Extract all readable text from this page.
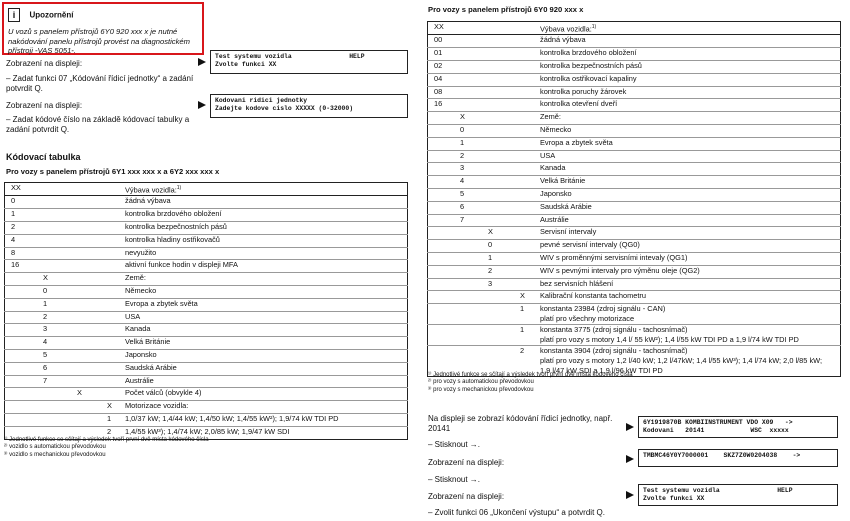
i Upozornění
U vozů s panelem přístrojů 6Y0 920 xxx x je nutné nakódování panelu přístrojů provést na diagnostickém přístroji -VAS 5051-.
Zobrazení na displeji:
– Zadat funkci 07 „Kódování řídicí jednotky“ a zadání potvrdit Q.
Zobrazení na displeji:
– Zadat kódové číslo na základě kódovací tabulky a zadání potvrdit Q.
Test systemu vozidla               HELP
Zvolte funkci XX
Kodovani ridici jednotky
Zadejte kodove cislo XXXXX (0-32000)
Kódovací tabulka
Pro vozy s panelem přístrojů 6Y1 xxx xxx x a 6Y2 xxx xxx x
XX				Výbava vozidla:$^{1)}$
0				žádná výbava

1				kontrolka brzdového obložení

2				kontrolka bezpečnostních pásů

4				kontrolka hladiny ostřikovačů

8				nevyužito

16				aktivní funkce hodin v displeji MFA

	X			Země:

	0			Německo

	1			Evropa a zbytek světa

	2			USA

	3			Kanada

	4			Velká Británie

	5			Japonsko

	6			Saudská Arábie

	7			Austrálie

		X		Počet válců (obvykle 4)

			X	Motorizace vozidla:

			1	1,0/37 kW; 1,4/44 kW; 1,4/50 kW; 1,4/55 kW²); 1,9/74 kW TDI PD

			2	1,4/55 kW³); 1,4/74 kW; 2,0/85 kW; 1,9/47 kW SDI
¹⁾ Jednotlivé funkce se sčítají a výsledek tvoří první dvě místa kódového čísla
²⁾ vozidlo s automatickou převodovkou
³⁾ vozidlo s mechanickou převodovkou
Pro vozy s panelem přístrojů 6Y0 920 xxx x
XX				Výbava vozidla:$^{1)}$
00				žádná výbava

01				kontrolka brzdového obložení

02				kontrolka bezpečnostních pásů

04				kontrolka ostřikovací kapaliny

08				kontrolka poruchy žárovek

16				kontrolka otevření dveří

	X			Země:

	0			Německo

	1			Evropa a zbytek světa

	2			USA

	3			Kanada

	4			Velká Británie

	5			Japonsko

	6			Saudská Arábie

	7			Austrálie

		X		Servisní intervaly

		0		pevné servisní intervaly (QG0)

		1		WIV s proměnnými servisními intevaly (QG1)

		2		WIV s pevnými intervaly pro výměnu oleje (QG2)

		3		bez servisních hlášení

			X	Kalibrační konstanta tachometru

			1	konstanta 23984 (zdroj signálu - CAN)
platí pro všechny motorizace

			1	konstanta 3775 (zdroj signálu - tachosnímač)
platí pro vozy s motory 1,4 l/ 55 kW²); 1,4 l/55 kW TDI PD a 1,9 l/74 kW TDI PD

			2	konstanta 3904 (zdroj signálu - tachosnímač)
platí pro vozy s motory 1,2 l/40 kW; 1,2 l/47kW; 1,4 l/55 kW³); 1,4 l/74 kW; 2,0 l/85 kW;
1,9 l/47 kW SDI a 1,9 l/96 kW TDI PD
¹⁾ Jednotlivé funkce se sčítají a výsledek tvoří první dvě místa kódového čísla
²⁾ pro vozy s automatickou převodovkou
³⁾ pro vozy s mechanickou převodovkou
Na displeji se zobrazí kódování řídicí jednotky, např. 20141
– Stisknout →.
Zobrazení na displeji:
– Stisknout →.
Zobrazení na displeji:
– Zvolit funkci 06 „Ukončení výstupu“ a potvrdit Q.
6Y1919870B KOMBIINSTRUMENT VDO X09   ->
Kodovani   20141            WSC  xxxxx
TMBMC46Y0Y7000001    SKZ7Z0W0204038    ->
Test systemu vozidla               HELP
Zvolte funkci XX
